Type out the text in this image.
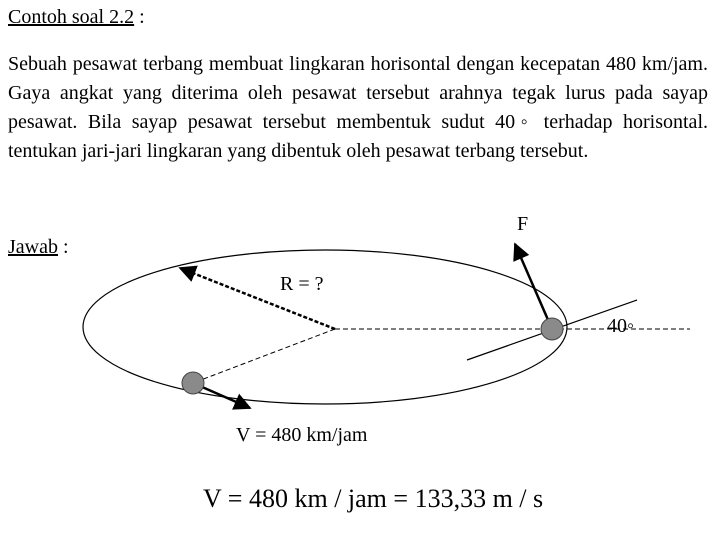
Contoh soal 2.2 :
Sebuah pesawat terbang membuat lingkaran horisontal dengan kecepatan 480 km/jam. Gaya angkat yang diterima oleh pesawat tersebut arahnya tegak lurus pada sayap pesawat. Bila sayap pesawat tersebut membentuk sudut 40◦ terhadap horisontal. tentukan jari-jari lingkaran yang dibentuk oleh pesawat terbang tersebut.
Jawab :
F
R = ?
40◦
V = 480 km/jam
V = 480 km / jam = 133,33 m / s
